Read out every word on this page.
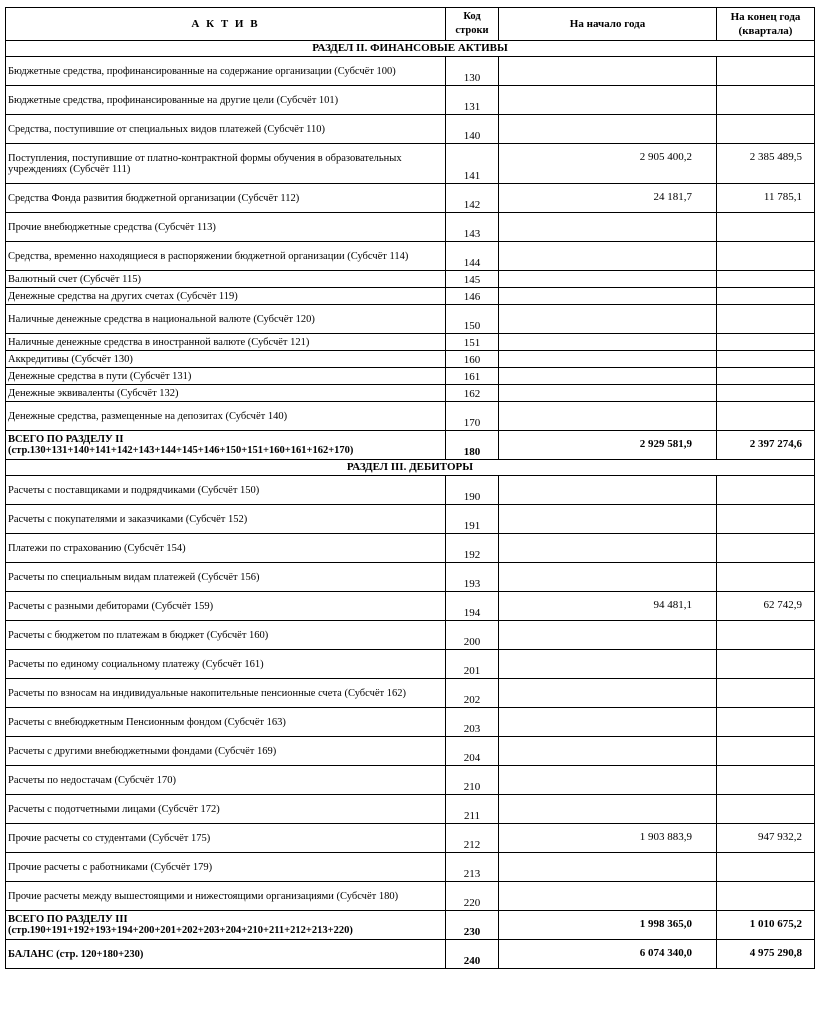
А К Т И В	Код строки	На начало года	На конец года (квартала)
РАЗДЕЛ II. ФИНАНСОВЫЕ АКТИВЫ			
Бюджетные средства, профинансированные на содержание организации (Субсчёт 100)	130		
Бюджетные средства, профинансированные на другие цели (Субсчёт 101)	131		
Средства, поступившие от специальных видов платежей (Субсчёт 110)	140		
Поступления, поступившие от платно-контрактной формы обучения в образовательных учреждениях (Субсчёт 111)	141	2 905 400,2	2 385 489,5
Средства Фонда развития бюджетной организации (Субсчёт 112)	142	24 181,7	11 785,1
Прочие внебюджетные средства (Субсчёт 113)	143		
Средства, временно находящиеся в распоряжении бюджетной организации (Субсчёт 114)	144		
Валютный счет (Субсчёт 115)	145		
Денежные средства на других счетах (Субсчёт 119)	146		
Наличные денежные средства в национальной валюте (Субсчёт 120)	150		
Наличные денежные средства в иностранной валюте (Субсчёт 121)	151		
Аккредитивы (Субсчёт 130)	160		
Денежные средства в пути (Субсчёт 131)	161		
Денежные эквиваленты (Субсчёт 132)	162		
Денежные средства, размещенные на депозитах (Субсчёт 140)	170		
ВСЕГО ПО РАЗДЕЛУ II (стр.130+131+140+141+142+143+144+145+146+150+151+160+161+162+170)	180	2 929 581,9	2 397 274,6
РАЗДЕЛ III. ДЕБИТОРЫ			
Расчеты с поставщиками и подрядчиками (Субсчёт 150)	190		
Расчеты с покупателями и заказчиками (Субсчёт 152)	191		
Платежи по страхованию (Субсчёт 154)	192		
Расчеты по специальным видам платежей (Субсчёт 156)	193		
Расчеты с разными дебиторами (Субсчёт 159)	194	94 481,1	62 742,9
Расчеты с бюджетом по платежам в бюджет (Субсчёт 160)	200		
Расчеты по единому социальному платежу (Субсчёт 161)	201		
Расчеты по взносам на индивидуальные накопительные пенсионные счета (Субсчёт 162)	202		
Расчеты с внебюджетным Пенсионным фондом (Субсчёт 163)	203		
Расчеты с другими внебюджетными фондами (Субсчёт 169)	204		
Расчеты по недостачам (Субсчёт 170)	210		
Расчеты с подотчетными лицами (Субсчёт 172)	211		
Прочие расчеты со студентами (Субсчёт 175)	212	1 903 883,9	947 932,2
Прочие расчеты с работниками (Субсчёт 179)	213		
Прочие расчеты между вышестоящими и нижестоящими организациями (Субсчёт 180)	220		
ВСЕГО ПО РАЗДЕЛУ III (стр.190+191+192+193+194+200+201+202+203+204+210+211+212+213+220)	230	1 998 365,0	1 010 675,2
БАЛАНС (стр. 120+180+230)	240	6 074 340,0	4 975 290,8
